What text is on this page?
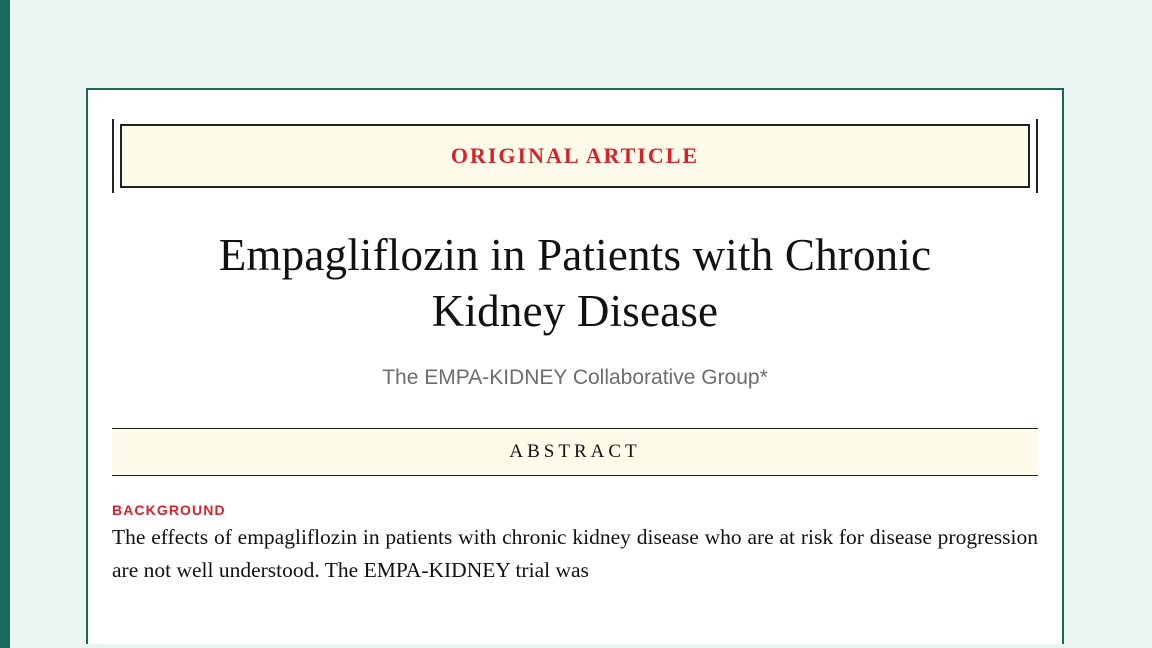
ORIGINAL ARTICLE
Empagliflozin in Patients with Chronic Kidney Disease
The EMPA-KIDNEY Collaborative Group*
ABSTRACT
BACKGROUND
The effects of empagliflozin in patients with chronic kidney disease who are at risk for disease progression are not well understood. The EMPA-KIDNEY trial was
